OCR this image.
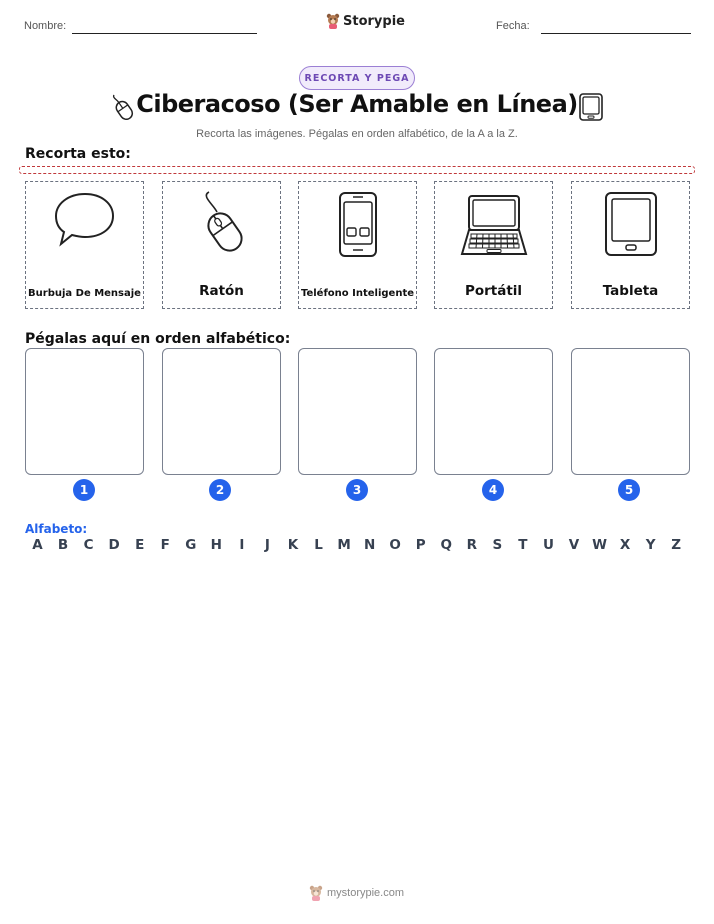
Nombre:	Storypie	Fecha:
RECORTA Y PEGA
Ciberacoso (Ser Amable en Línea)
Recorta las imágenes. Pégalas en orden alfabético, de la A a la Z.
Recorta esto:
Burbuja De Mensaje	Ratón	Teléfono Inteligente	Portátil	Tableta
Pégalas aquí en orden alfabético:
1	2	3	4	5
Alfabeto:
A	B	C	D	E	F	G	H	I	J	K	L	M N	O	P	Q	R	S	T	U	V W X	Y	Z
mystorypie.com
